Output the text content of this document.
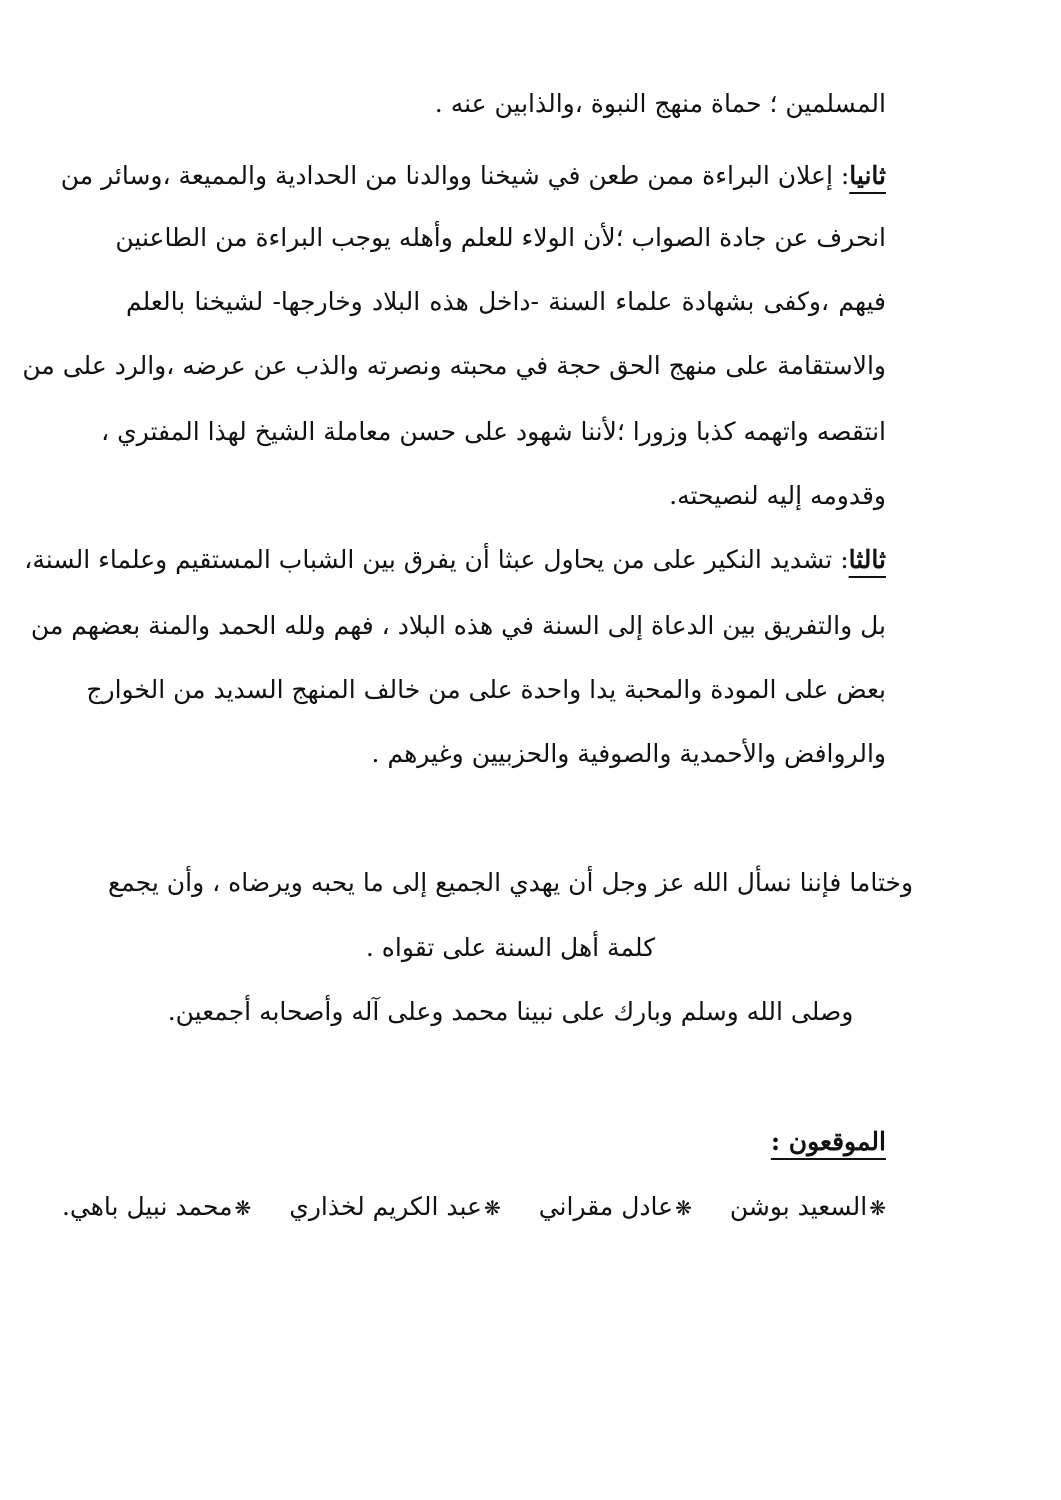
المسلمين ؛ حماة منهج النبوة ،والذابين عنه .
ثانيا: إعلان البراءة ممن طعن في شيخنا ووالدنا من الحدادية والمميعة ،وسائر من
انحرف عن جادة الصواب ؛لأن الولاء للعلم وأهله يوجب البراءة من الطاعنين
فيهم ،وكفى بشهادة علماء السنة -داخل هذه البلاد وخارجها- لشيخنا بالعلم
والاستقامة على منهج الحق حجة في محبته ونصرته والذب عن عرضه ،والرد على من
انتقصه واتهمه كذبا وزورا ؛لأننا شهود على حسن معاملة الشيخ لهذا المفتري ،
وقدومه إليه لنصيحته.
ثالثا: تشديد النكير على من يحاول عبثا أن يفرق بين الشباب المستقيم وعلماء السنة،
بل والتفريق بين الدعاة إلى السنة في هذه البلاد ، فهم ولله الحمد والمنة بعضهم من
بعض على المودة والمحبة يدا واحدة على من خالف المنهج السديد من الخوارج
والروافض والأحمدية والصوفية والحزبيين وغيرهم .
وختاما فإننا نسأل الله عز وجل أن يهدي الجميع إلى ما يحبه ويرضاه ، وأن يجمع
كلمة أهل السنة على تقواه .
وصلى الله وسلم وبارك على نبينا محمد وعلى آله وأصحابه أجمعين.
الموقعون :
❋السعيد بوشن
❋عادل مقراني
❋عبد الكريم لخذاري
❋محمد نبيل باهي.
